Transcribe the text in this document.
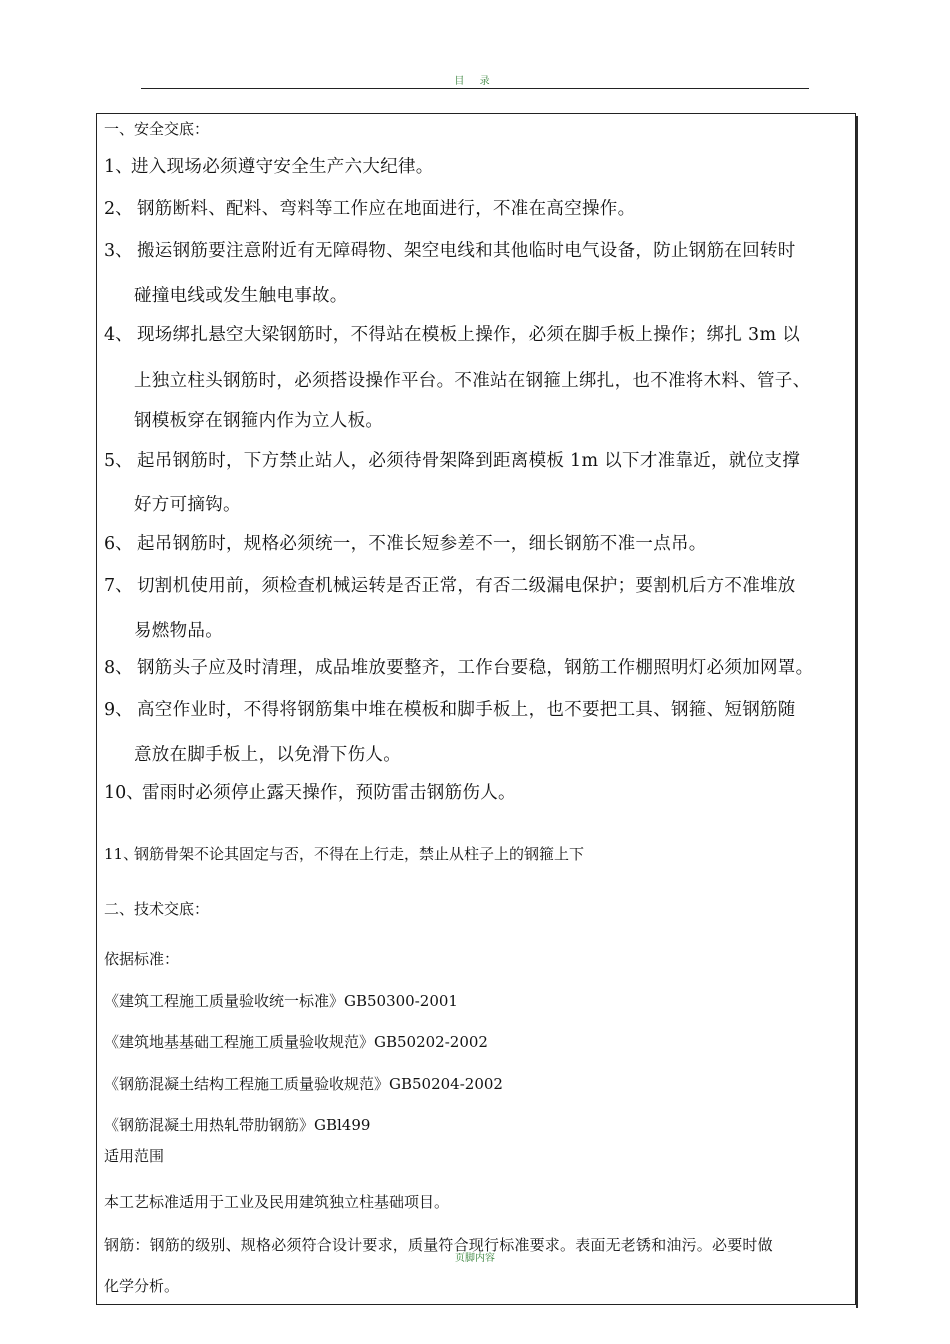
目 录
一、安全交底：
1、
进入现场必须遵守安全生产六大纪律。
2、 钢筋断料、配料、弯料等工作应在地面进行，不准在高空操作。
3、 搬运钢筋要注意附近有无障碍物、架空电线和其他临时电气设备，防止钢筋在回转时
碰撞电线或发生触电事故。
4、 现场绑扎悬空大梁钢筋时，不得站在模板上操作，必须在脚手板上操作；绑扎 3m 以
上独立柱头钢筋时，必须搭设操作平台。不准站在钢箍上绑扎，也不准将木料、管子、
钢模板穿在钢箍内作为立人板。
5、 起吊钢筋时，下方禁止站人，必须待骨架降到距离模板 1m 以下才准靠近，就位支撑
好方可摘钩。
6、 起吊钢筋时，规格必须统一，不准长短参差不一，细长钢筋不准一点吊。
7、 切割机使用前，须检查机械运转是否正常，有否二级漏电保护；要割机后方不准堆放
易燃物品。
8、 钢筋头子应及时清理，成品堆放要整齐，工作台要稳，钢筋工作棚照明灯必须加网罩。
9、 高空作业时，不得将钢筋集中堆在模板和脚手板上，也不要把工具、钢箍、短钢筋随
意放在脚手板上，以免滑下伤人。
10、
雷雨时必须停止露天操作，预防雷击钢筋伤人。
11、
钢筋骨架不论其固定与否，不得在上行走，禁止从柱子上的钢箍上下
二、技术交底：
依据标准：
《建筑工程施工质量验收统一标准》GB50300-2001
《建筑地基基础工程施工质量验收规范》GB50202-2002
《钢筋混凝土结构工程施工质量验收规范》GB50204-2002
《钢筋混凝土用热轧带肋钢筋》GBl499
适用范围
本工艺标准适用于工业及民用建筑独立柱基础项目。
钢筋：钢筋的级别、规格必须符合设计要求，质量符合现行标准要求。表面无老锈和油污。必要时做
化学分析。
页脚内容
